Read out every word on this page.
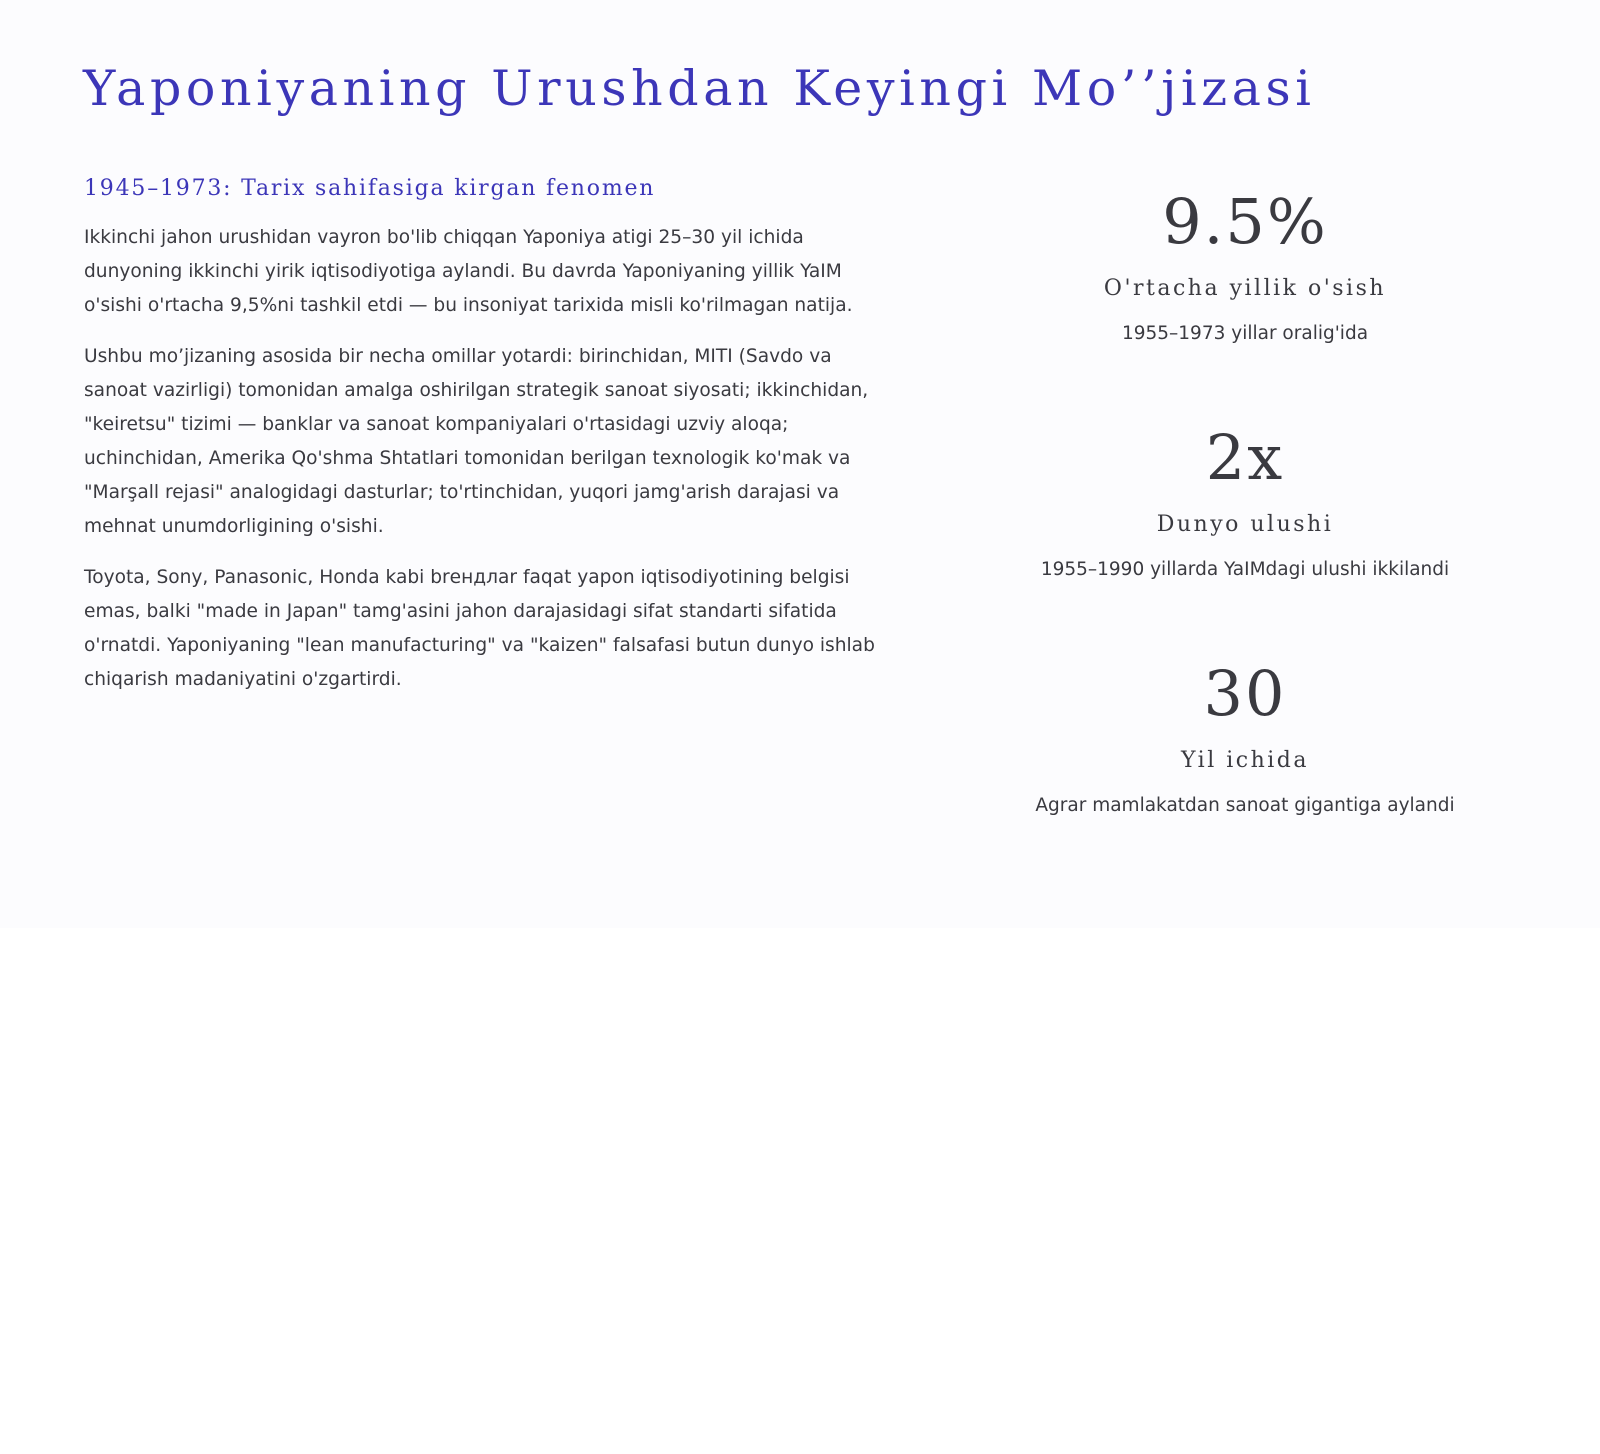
Yaponiyaning Urushdan Keyingi Mo’’jizasi
1945–1973: Tarix sahifasiga kirgan fenomen

Ikkinchi jahon urushidan vayron bo'lib chiqqan Yaponiya atigi 25–30 yil ichida dunyoning ikkinchi yirik iqtisodiyotiga aylandi. Bu davrda Yaponiyaning yillik YaIM o'sishi o'rtacha 9,5%ni tashkil etdi — bu insoniyat tarixida misli ko'rilmagan natija.

Ushbu mo’jizaning asosida bir necha omillar yotardi: birinchidan, MITI (Savdo va sanoat vazirligi) tomonidan amalga oshirilgan strategik sanoat siyosati; ikkinchidan, "keiretsu" tizimi — banklar va sanoat kompaniyalari o'rtasidagi uzviy aloqa; uchinchidan, Amerika Qo'shma Shtatlari tomonidan berilgan texnologik ko'mak va "Marşall rejasi" analogidagi dasturlar; to'rtinchidan, yuqori jamg'arish darajasi va mehnat unumdorligining o'sishi.

Toyota, Sony, Panasonic, Honda kabi brендлar faqat yapon iqtisodiyotining belgisi emas, balki "made in Japan" tamg'asini jahon darajasidagi sifat standarti sifatida o'rnatdi. Yaponiyaning "lean manufacturing" va "kaizen" falsafasi butun dunyo ishlab chiqarish madaniyatini o'zgartirdi.

9.5%
O'rtacha yillik o'sish
1955–1973 yillar oralig'ida
2x
Dunyo ulushi
1955–1990 yillarda YaIMdagi ulushi ikkilandi
30
Yil ichida
Agrar mamlakatdan sanoat gigantiga aylandi
